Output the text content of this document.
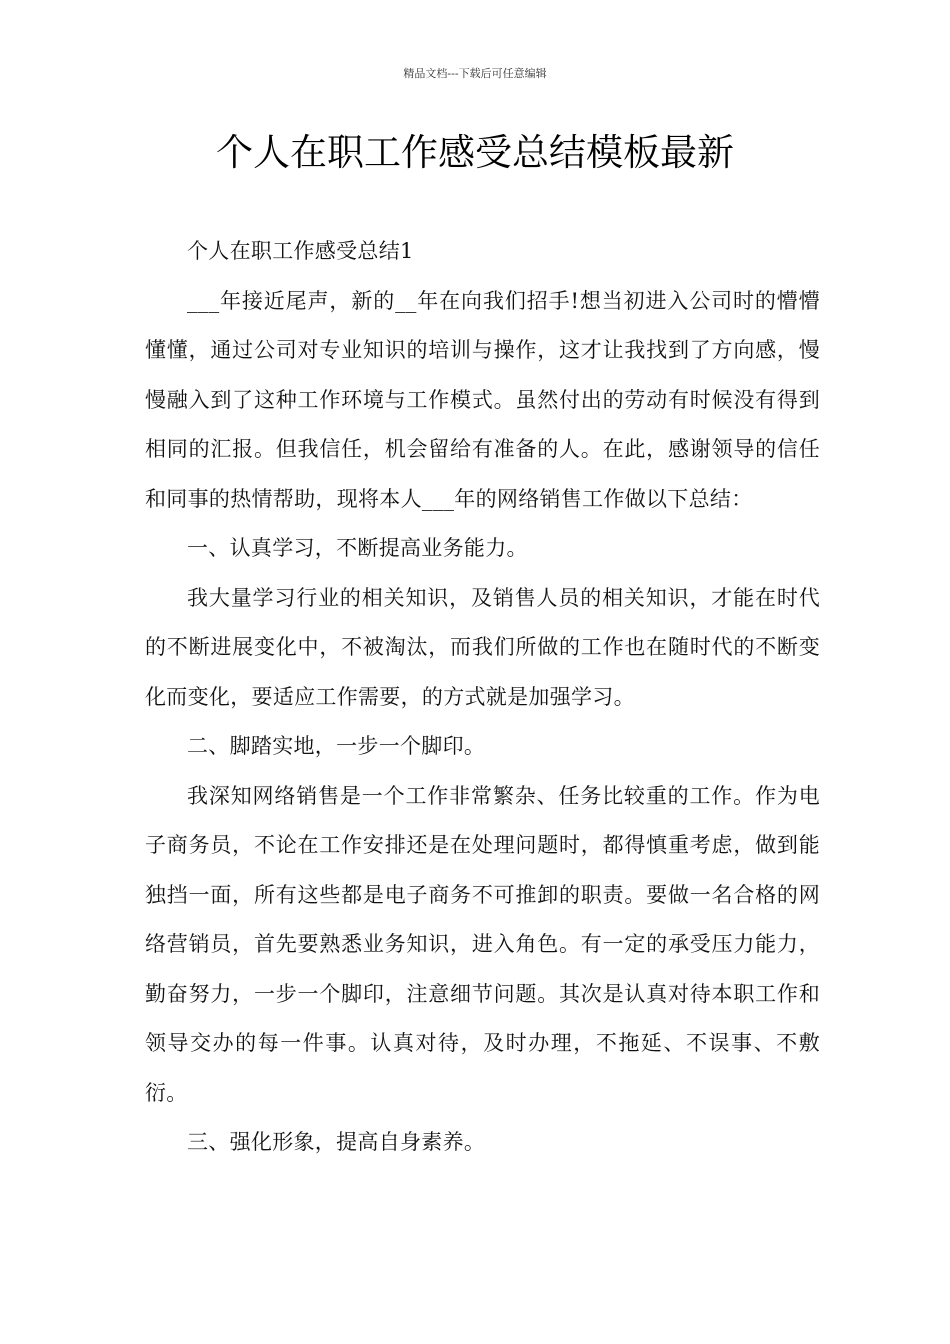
精品文档---下载后可任意编辑
个人在职工作感受总结模板最新

个人在职工作感受总结1

___年接近尾声，新的__年在向我们招手!想当初进入公司时的懵懵懂懂，通过公司对专业知识的培训与操作，这才让我找到了方向感，慢慢融入到了这种工作环境与工作模式。虽然付出的劳动有时候没有得到相同的汇报。但我信任，机会留给有准备的人。在此，感谢领导的信任和同事的热情帮助，现将本人___年的网络销售工作做以下总结：

一、认真学习，不断提高业务能力。

我大量学习行业的相关知识，及销售人员的相关知识，才能在时代的不断进展变化中，不被淘汰，而我们所做的工作也在随时代的不断变化而变化，要适应工作需要，的方式就是加强学习。

二、脚踏实地，一步一个脚印。

我深知网络销售是一个工作非常繁杂、任务比较重的工作。作为电子商务员，不论在工作安排还是在处理问题时，都得慎重考虑，做到能独挡一面，所有这些都是电子商务不可推卸的职责。要做一名合格的网络营销员，首先要熟悉业务知识，进入角色。有一定的承受压力能力，勤奋努力，一步一个脚印，注意细节问题。其次是认真对待本职工作和领导交办的每一件事。认真对待，及时办理，不拖延、不误事、不敷衍。

三、强化形象，提高自身素养。
